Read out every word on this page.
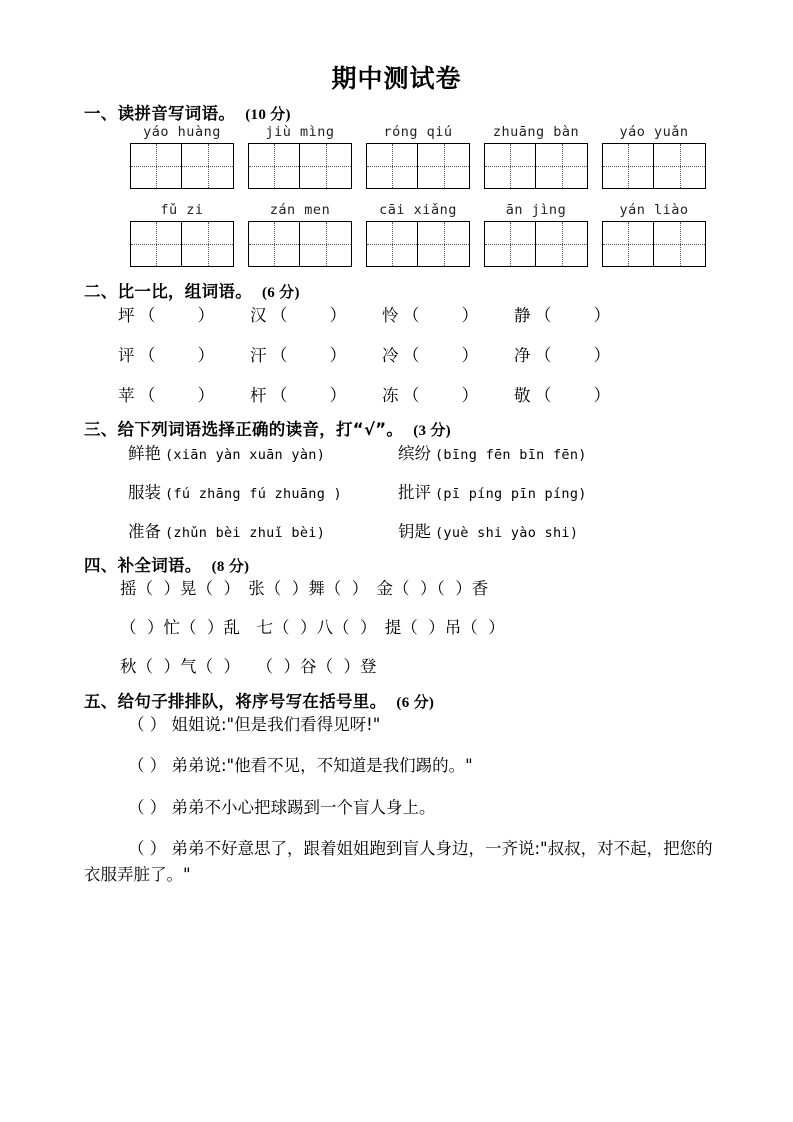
期中测试卷
一、读拼音写词语。 (10 分)
yáo huàng	jiù mìng	róng qiú	zhuāng bàn	yáo yuǎn
fǔ zi	zán men	cāi xiǎng	ān jìng	yán liào
二、比一比，组词语。 (6 分)
坪 （ ）	汉 （ ）	怜 （ ）	静 （ ）
评 （ ）	汗 （ ）	冷 （ ）	净 （ ）
苹 （ ）	杆 （ ）	冻 （ ）	敬 （ ）
三、给下列词语选择正确的读音，打“√”。 (3 分)
鲜艳 (xiān yàn xuān yàn)	缤纷 (bīng fēn bīn fēn)
服装 (fú zhāng fú zhuāng )	批评 (pī píng pīn píng)
准备 (zhǔn bèi zhuǐ bèi)	钥匙 (yuè shi yào shi)
四、补全词语。 (8 分)
摇（  ）晃（  ）　张（  ）舞（  ）　金（  ）（  ）香
（  ）忙（  ）乱　七（  ）八（  ）　提（  ）吊（  ）
秋（  ）气（  ）　　（  ）谷（  ）登
五、给句子排排队，将序号写在括号里。 (6 分)
（ ） 姐姐说:"但是我们看得见呀!"
（ ） 弟弟说:"他看不见，不知道是我们踢的。"
（ ） 弟弟不小心把球踢到一个盲人身上。
（ ） 弟弟不好意思了，跟着姐姐跑到盲人身边，一齐说:"叔叔，对不起，把您的衣服弄脏了。"
